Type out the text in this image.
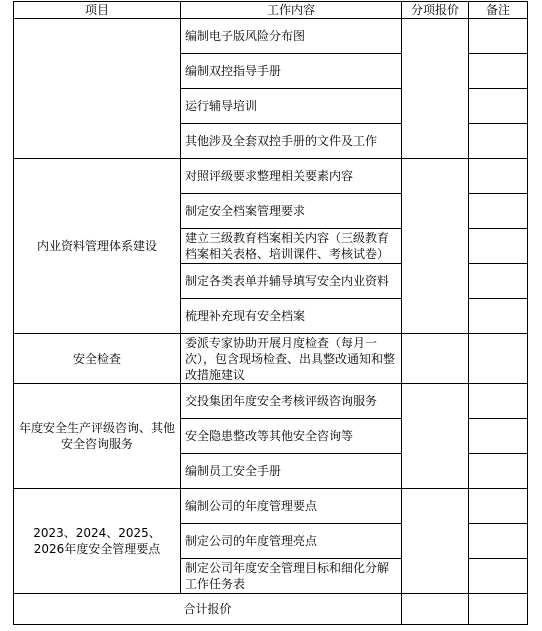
项目	工作内容	分项报价	备注
	编制电子版风险分布图		
	编制双控指导手册		
	运行辅导培训		
	其他涉及全套双控手册的文件及工作		
内业资料管理体系建设	对照评级要求整理相关要素内容		
	制定安全档案管理要求		
	建立三级教育档案相关内容（三级教育档案相关表格、培训课件、考核试卷）		
	制定各类表单并辅导填写安全内业资料		
	梳理补充现有安全档案		
安全检查	委派专家协助开展月度检查（每月一次），包含现场检查、出具整改通知和整改措施建议		
年度安全生产评级咨询、其他安全咨询服务	交投集团年度安全考核评级咨询服务		
	安全隐患整改等其他安全咨询等		
	编制员工安全手册		
2023、2024、2025、2026年度安全管理要点	编制公司的年度管理要点		
	制定公司的年度管理亮点		
	制定公司年度安全管理目标和细化分解工作任务表		
合计报价			
